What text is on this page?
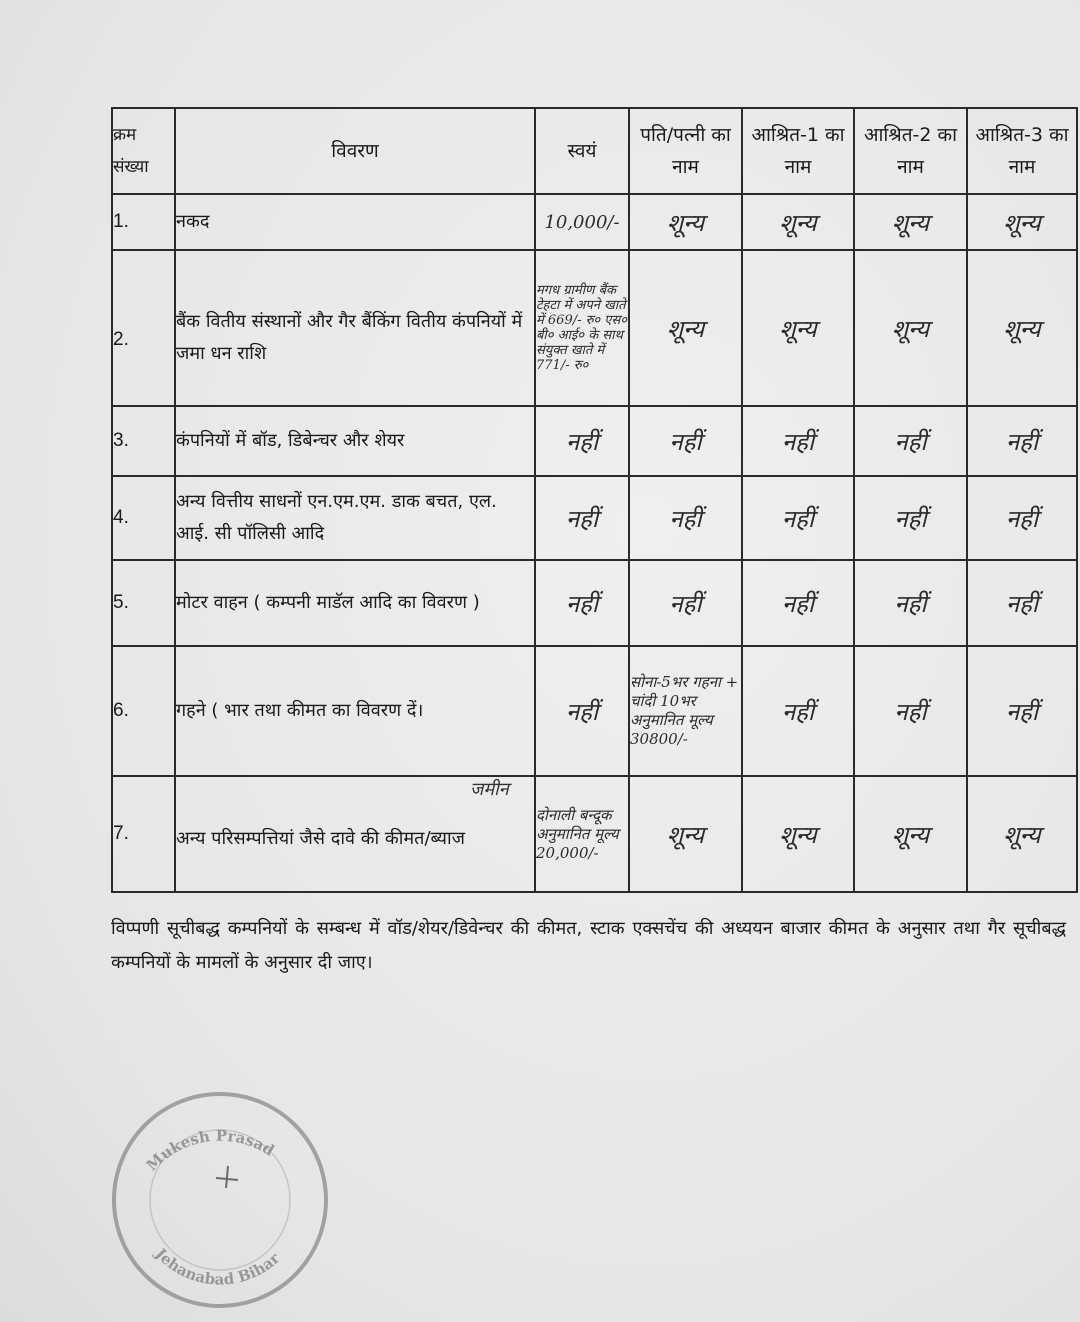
क्रम संख्या	विवरण	स्वयं	पति/पत्नी का नाम	आश्रित-1 का नाम	आश्रित-2 का नाम	आश्रित-3 का नाम
1.	नकद	10,000/-	शून्य	शून्य	शून्य	शून्य
2.	बैंक वितीय संस्थानों और गैर बैंकिंग वितीय कंपनियों में जमा धन राशि	मगध ग्रामीण बैंक टेहटा में अपने खाते में 669/- रु० एस० बी० आई० के साथ संयुक्त खाते में 771/- रु०	शून्य	शून्य	शून्य	शून्य
3.	कंपनियों में बॉड, डिबेन्चर और शेयर	नहीं	नहीं	नहीं	नहीं	नहीं
4.	अन्य वित्तीय साधनों एन.एम.एम. डाक बचत, एल. आई. सी पॉलिसी आदि	नहीं	नहीं	नहीं	नहीं	नहीं
5.	मोटर वाहन ( कम्पनी माडॅल आदि का विवरण )	नहीं	नहीं	नहीं	नहीं	नहीं
6.	गहने ( भार तथा कीमत का विवरण दें।	नहीं	सोना-5भर गहना + चांदी 10भर अनुमानित मूल्य 30800/-	नहीं	नहीं	नहीं
7.	अन्य परिसम्पत्तियां जैसे दावे की कीमत/ब्याज	दोनाली बन्दूक अनुमानित मूल्य 20,000/-	शून्य	शून्य	शून्य	शून्य
जमीन
विप्पणी सूचीबद्ध कम्पनियों के सम्बन्ध में वॉड/शेयर/डिवेन्चर की कीमत, स्टाक एक्सचेंच की अध्ययन बाजार कीमत के अनुसार तथा गैर सूचीबद्ध कम्पनियों के मामलों के अनुसार दी जाए।
Mukesh Prasad
Jehanabad Bihar
